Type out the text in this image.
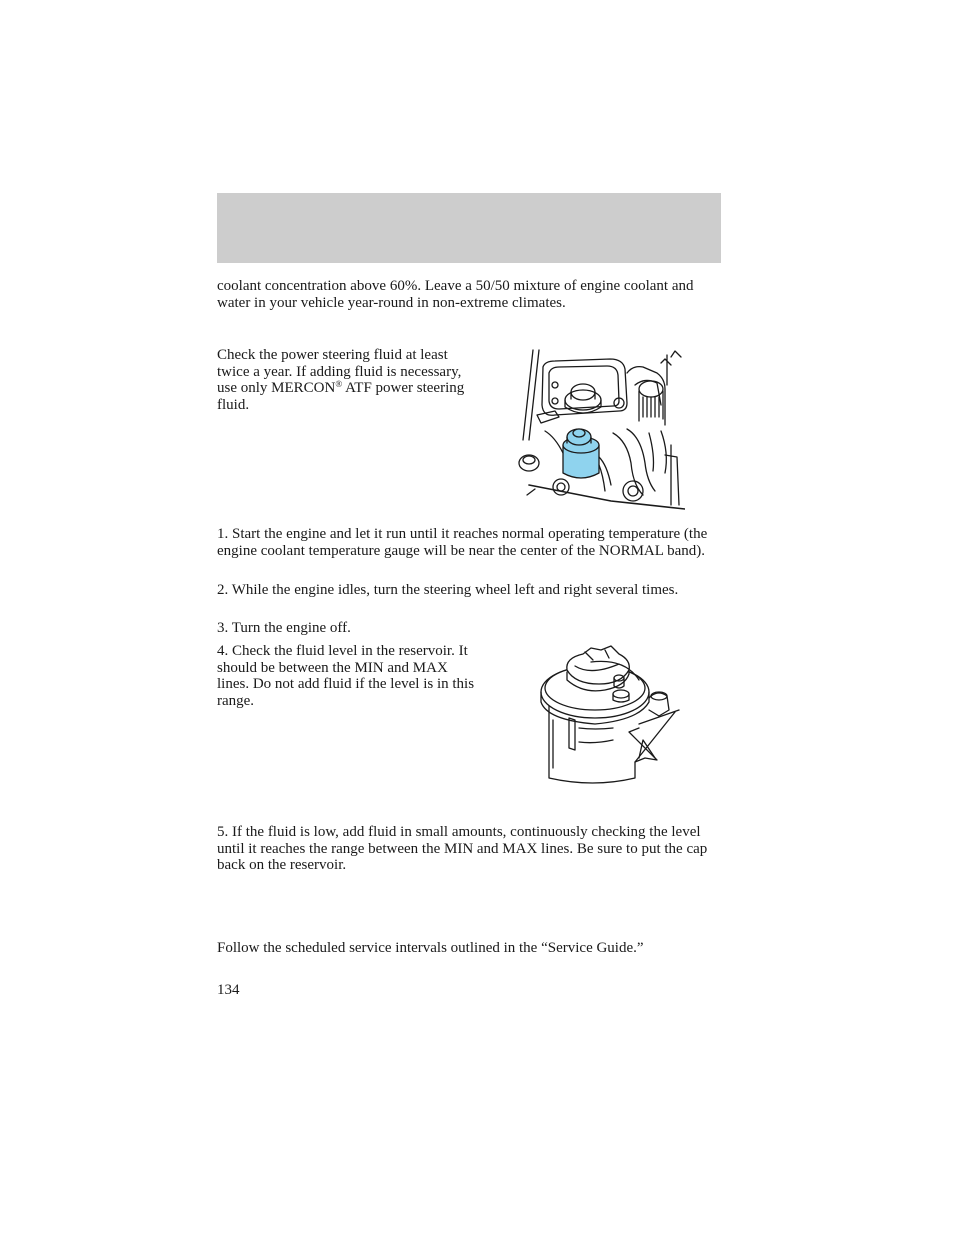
coolant concentration above 60%. Leave a 50/50 mixture of engine coolant and water in your vehicle year-round in non-extreme climates.

Check the power steering fluid at least twice a year. If adding fluid is necessary, use only MERCON® ATF power steering fluid.

1. Start the engine and let it run until it reaches normal operating temperature (the engine coolant temperature gauge will be near the center of the NORMAL band).

2. While the engine idles, turn the steering wheel left and right several times.

3. Turn the engine off.

4. Check the fluid level in the reservoir. It should be between the MIN and MAX lines. Do not add fluid if the level is in this range.

5. If the fluid is low, add fluid in small amounts, continuously checking the level until it reaches the range between the MIN and MAX lines. Be sure to put the cap back on the reservoir.

Follow the scheduled service intervals outlined in the “Service Guide.”

134
